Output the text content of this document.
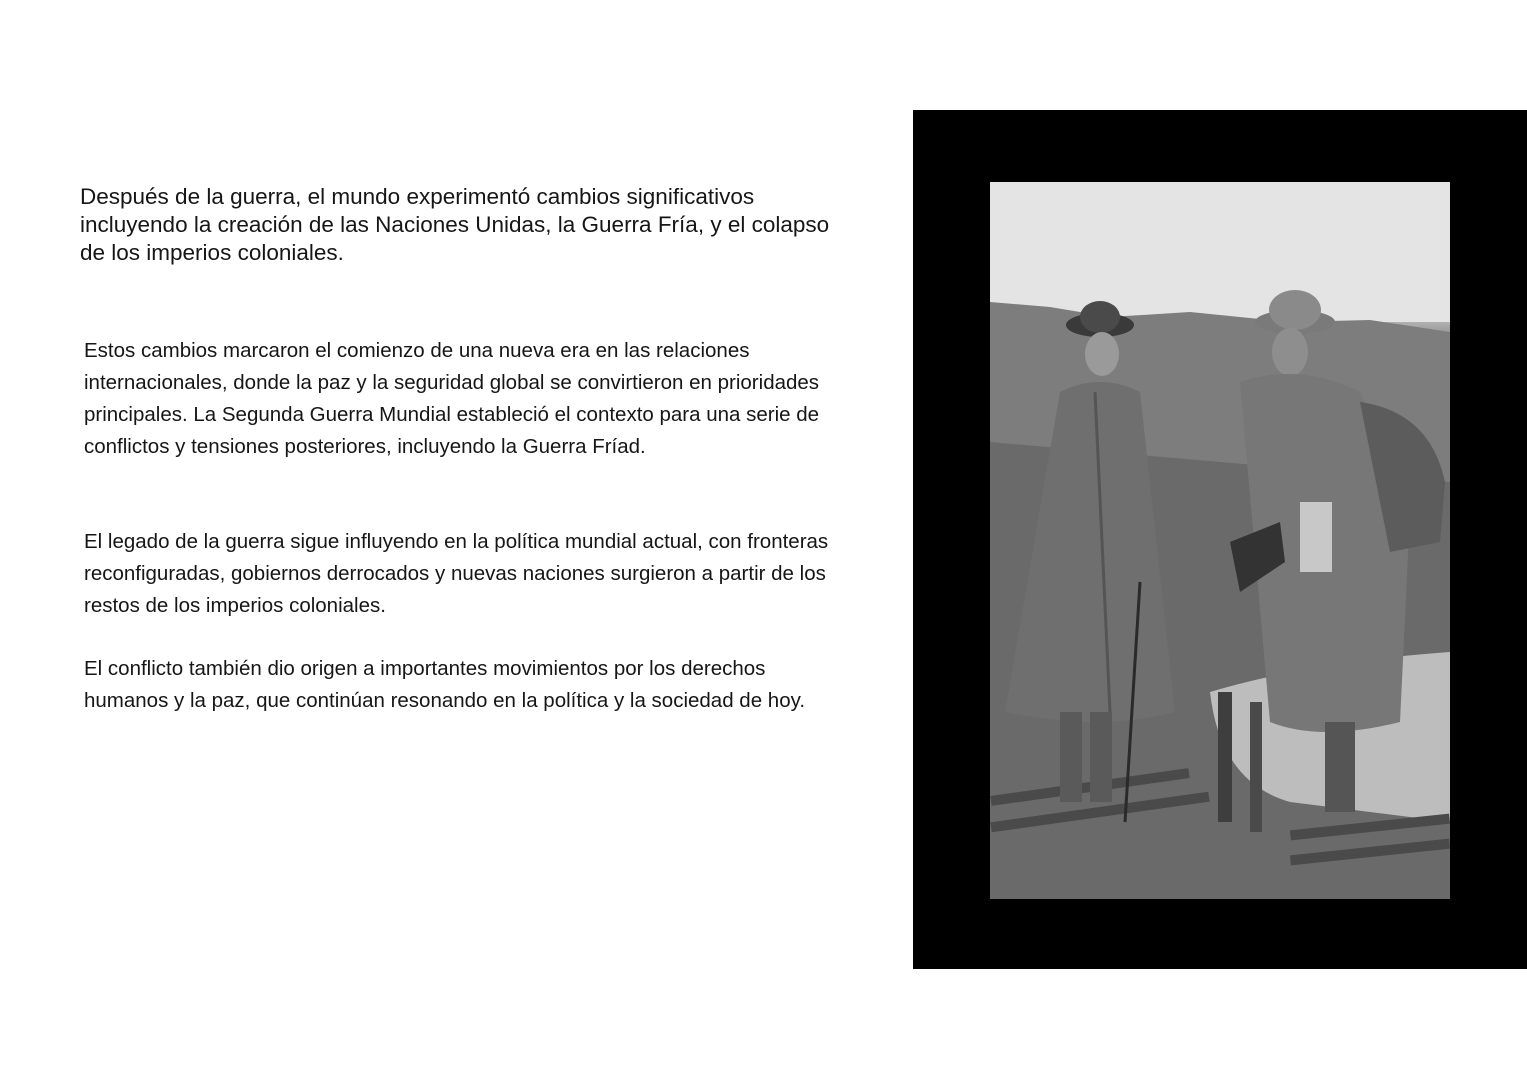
Después de la guerra, el mundo experimentó cambios significativos incluyendo la creación de las Naciones Unidas, la Guerra Fría, y el colapso de los imperios coloniales.

Estos cambios marcaron el comienzo de una nueva era en las relaciones internacionales, donde la paz y la seguridad global se convirtieron en prioridades principales. La Segunda Guerra Mundial estableció el contexto para una serie de conflictos y tensiones posteriores, incluyendo la Guerra Fríad.

El legado de la guerra sigue influyendo en la política mundial actual, con fronteras reconfiguradas, gobiernos derrocados y nuevas naciones surgieron a partir de los restos de los imperios coloniales.

El conflicto también dio origen a importantes movimientos por los derechos humanos y la paz, que continúan resonando en la política y la sociedad de hoy.
